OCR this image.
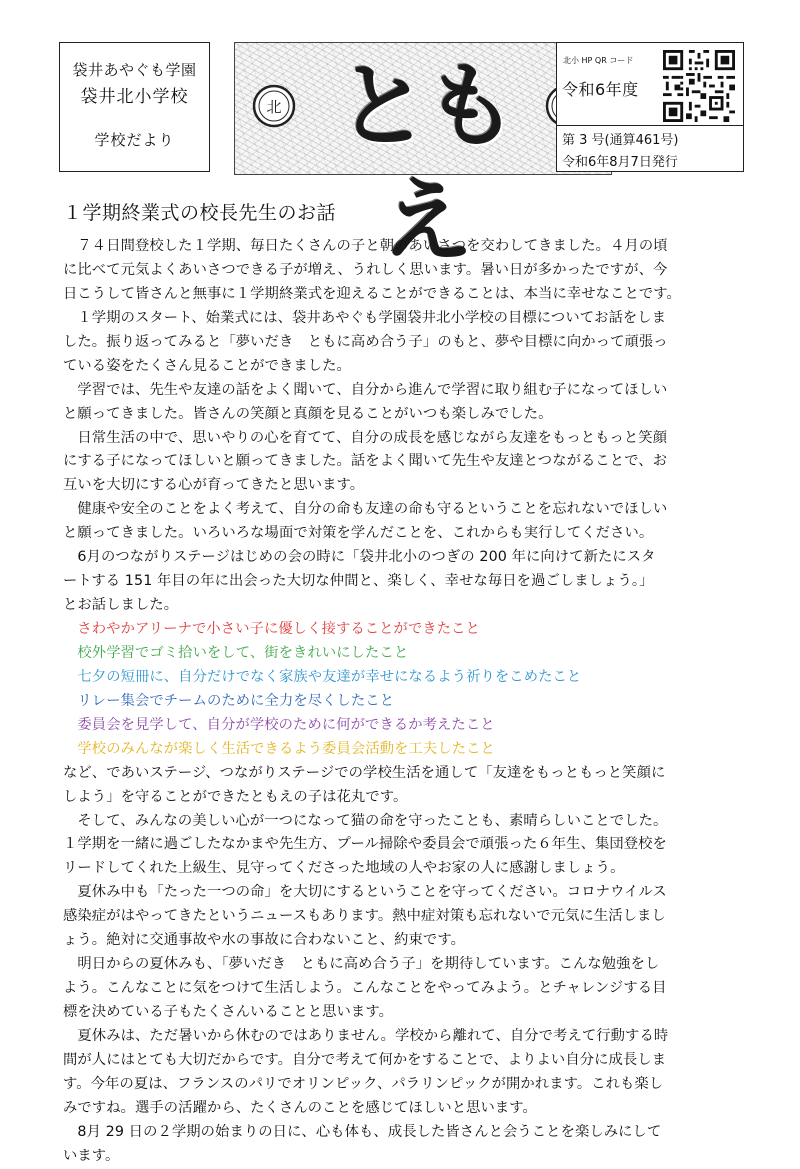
袋井あやぐも学園
袋井北小学校
学校だより
北 ともえ
北小 HP QR コード
令和6年度
第 3 号(通算461号)
令和6年8月7日発行
１学期終業式の校長先生のお話
　７４日間登校した１学期、毎日たくさんの子と朝のあいさつを交わしてきました。４月の頃
に比べて元気よくあいさつできる子が増え、うれしく思います。暑い日が多かったですが、今
日こうして皆さんと無事に１学期終業式を迎えることができることは、本当に幸せなことです。
　１学期のスタート、始業式には、袋井あやぐも学園袋井北小学校の目標についてお話をしま
した。振り返ってみると「夢いだき　ともに高め合う子」のもと、夢や目標に向かって頑張っ
ている姿をたくさん見ることができました。
　学習では、先生や友達の話をよく聞いて、自分から進んで学習に取り組む子になってほしい
と願ってきました。皆さんの笑顔と真顔を見ることがいつも楽しみでした。
　日常生活の中で、思いやりの心を育てて、自分の成長を感じながら友達をもっともっと笑顔
にする子になってほしいと願ってきました。話をよく聞いて先生や友達とつながることで、お
互いを大切にする心が育ってきたと思います。
　健康や安全のことをよく考えて、自分の命も友達の命も守るということを忘れないでほしい
と願ってきました。いろいろな場面で対策を学んだことを、これからも実行してください。
　6月のつながりステージはじめの会の時に「袋井北小のつぎの 200 年に向けて新たにスタ
ートする 151 年目の年に出会った大切な仲間と、楽しく、幸せな毎日を過ごしましょう。」
とお話しました。
　さわやかアリーナで小さい子に優しく接することができたこと
　校外学習でゴミ拾いをして、街をきれいにしたこと
　七夕の短冊に、自分だけでなく家族や友達が幸せになるよう祈りをこめたこと
　リレー集会でチームのために全力を尽くしたこと
　委員会を見学して、自分が学校のために何ができるか考えたこと
　学校のみんなが楽しく生活できるよう委員会活動を工夫したこと
など、であいステージ、つながりステージでの学校生活を通して「友達をもっともっと笑顔に
しよう」を守ることができたともえの子は花丸です。
　そして、みんなの美しい心が一つになって猫の命を守ったことも、素晴らしいことでした。
１学期を一緒に過ごしたなかまや先生方、プール掃除や委員会で頑張った６年生、集団登校を
リードしてくれた上級生、見守ってくださった地域の人やお家の人に感謝しましょう。
　夏休み中も「たった一つの命」を大切にするということを守ってください。コロナウイルス
感染症がはやってきたというニュースもあります。熱中症対策も忘れないで元気に生活しまし
ょう。絶対に交通事故や水の事故に合わないこと、約束です。
　明日からの夏休みも、「夢いだき　ともに高め合う子」を期待しています。こんな勉強をし
よう。こんなことに気をつけて生活しよう。こんなことをやってみよう。とチャレンジする目
標を決めている子もたくさんいることと思います。
　夏休みは、ただ暑いから休むのではありません。学校から離れて、自分で考えて行動する時
間が人にはとても大切だからです。自分で考えて何かをすることで、よりよい自分に成長しま
す。今年の夏は、フランスのパリでオリンピック、パラリンピックが開かれます。これも楽し
みですね。選手の活躍から、たくさんのことを感じてほしいと思います。
　8月 29 日の２学期の始まりの日に、心も体も、成長した皆さんと会うことを楽しみにして
います。
